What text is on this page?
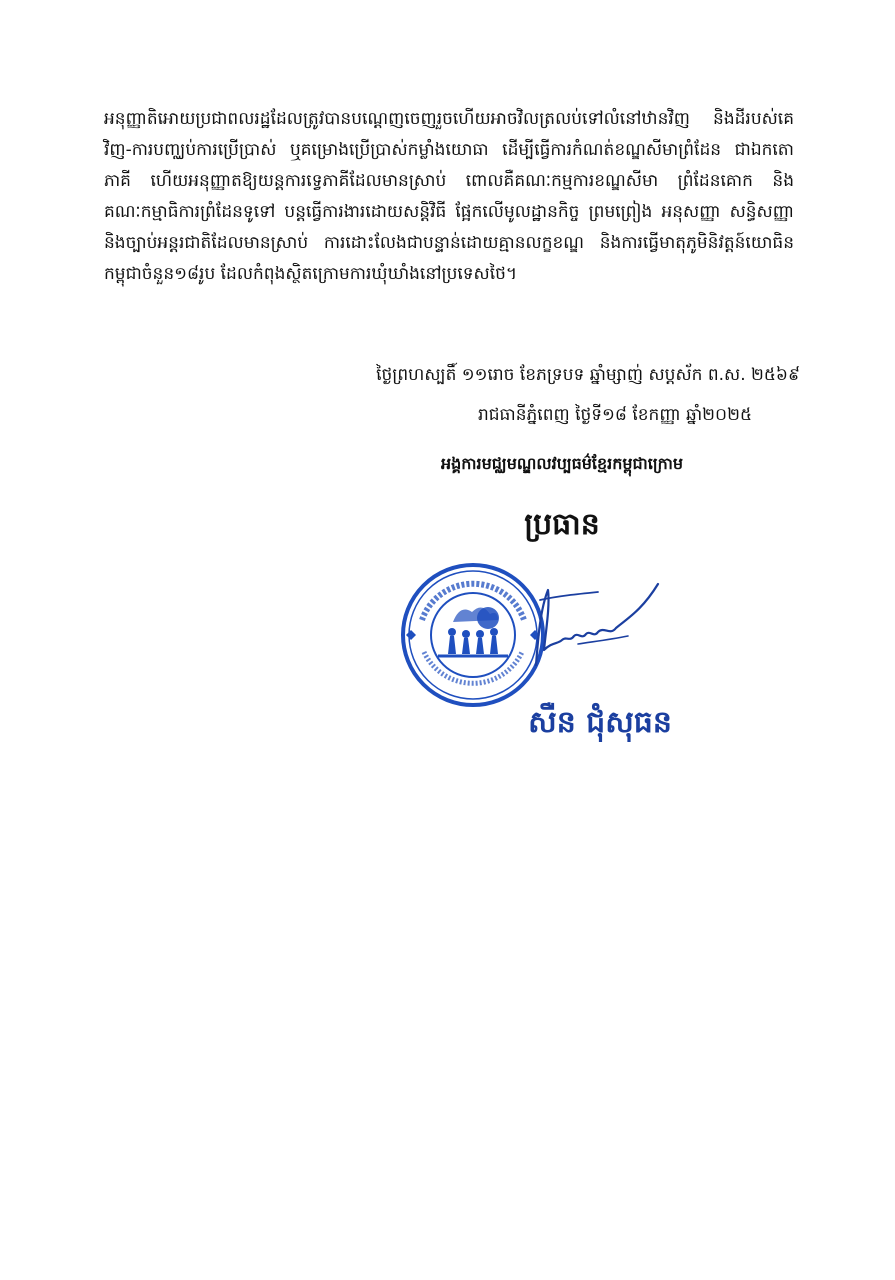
អនុញ្ញាតិអោយប្រជាពលរដ្ឋដែលត្រូវបានបណ្តេញចេញរួចហើយអាចវិលត្រលប់ទៅលំនៅឋានវិញ និងដីរបស់គេវិញ-ការបញ្ឈប់ការប្រើប្រាស់ ឬគម្រោងប្រើប្រាស់កម្លាំងយោធា ដើម្បីធ្វើការកំណត់ខណ្ឌសីមាព្រំដែន ជាឯកតោភាគី ហើយអនុញ្ញាតឱ្យយន្តការទ្វេភាគីដែលមានស្រាប់ ពោលគឺគណៈកម្មការខណ្ឌសីមា ព្រំដែនគោក និងគណៈកម្មាធិការព្រំដែនទូទៅ បន្តធ្វើការងារដោយសន្តិវិធី ផ្អែកលើមូលដ្ឋានកិច្ច ព្រមព្រៀង អនុសញ្ញា សន្ធិសញ្ញា និងច្បាប់អន្តរជាតិដែលមានស្រាប់ ការដោះលែងជាបន្ទាន់ដោយគ្មានលក្ខខណ្ឌ និងការធ្វើមាតុភូមិនិវត្តន៍យោធិនកម្ពុជាចំនួន១៨រូប ដែលកំពុងស្ថិតក្រោមការឃុំឃាំងនៅប្រទេសថៃ។

ថ្ងៃព្រហស្បតិ៍ ១១រោច ខែភទ្របទ ឆ្នាំម្សាញ់ សប្តស័ក ព.ស. ២៥៦៩

រាជធានីភ្នំពេញ ថ្ងៃទី១៨ ខែកញ្ញា ឆ្នាំ២០២៥

អង្គការមជ្ឈមណ្ឌលវប្បធម៌ខ្មែរកម្ពុជាក្រោម

ប្រធាន

សឺន ជុំសុធន
